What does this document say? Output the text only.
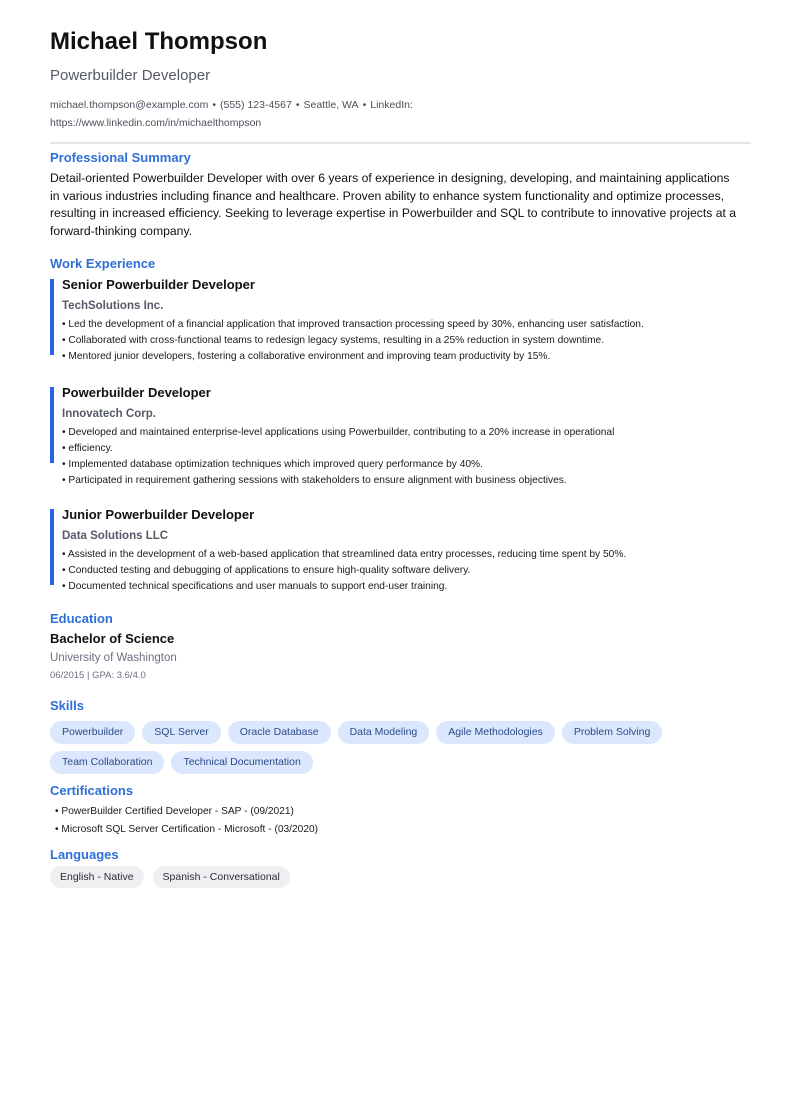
Michael Thompson
Powerbuilder Developer
michael.thompson@example.com • (555) 123-4567 • Seattle, WA • LinkedIn: https://www.linkedin.com/in/michaelthompson
Professional Summary

Detail-oriented Powerbuilder Developer with over 6 years of experience in designing, developing, and maintaining applications in various industries including finance and healthcare. Proven ability to enhance system functionality and optimize processes, resulting in increased efficiency. Seeking to leverage expertise in Powerbuilder and SQL to contribute to innovative projects at a forward-thinking company.

Work Experience
Senior Powerbuilder Developer
TechSolutions Inc.
• Led the development of a financial application that improved transaction processing speed by 30%, enhancing user satisfaction.
• Collaborated with cross-functional teams to redesign legacy systems, resulting in a 25% reduction in system downtime.
• Mentored junior developers, fostering a collaborative environment and improving team productivity by 15%.
Powerbuilder Developer
Innovatech Corp.
• Developed and maintained enterprise-level applications using Powerbuilder, contributing to a 20% increase in operational
• efficiency.
• Implemented database optimization techniques which improved query performance by 40%.
• Participated in requirement gathering sessions with stakeholders to ensure alignment with business objectives.
Junior Powerbuilder Developer
Data Solutions LLC
• Assisted in the development of a web-based application that streamlined data entry processes, reducing time spent by 50%.
• Conducted testing and debugging of applications to ensure high-quality software delivery.
• Documented technical specifications and user manuals to support end-user training.
Education
Bachelor of Science
University of Washington
06/2015 | GPA: 3.6/4.0
Skills
Powerbuilder	SQL Server	Oracle Database	Data Modeling	Agile Methodologies	Problem Solving
Team Collaboration	Technical Documentation
Certifications
• PowerBuilder Certified Developer - SAP - (09/2021)
• Microsoft SQL Server Certification - Microsoft - (03/2020)
Languages
English - Native	Spanish - Conversational
